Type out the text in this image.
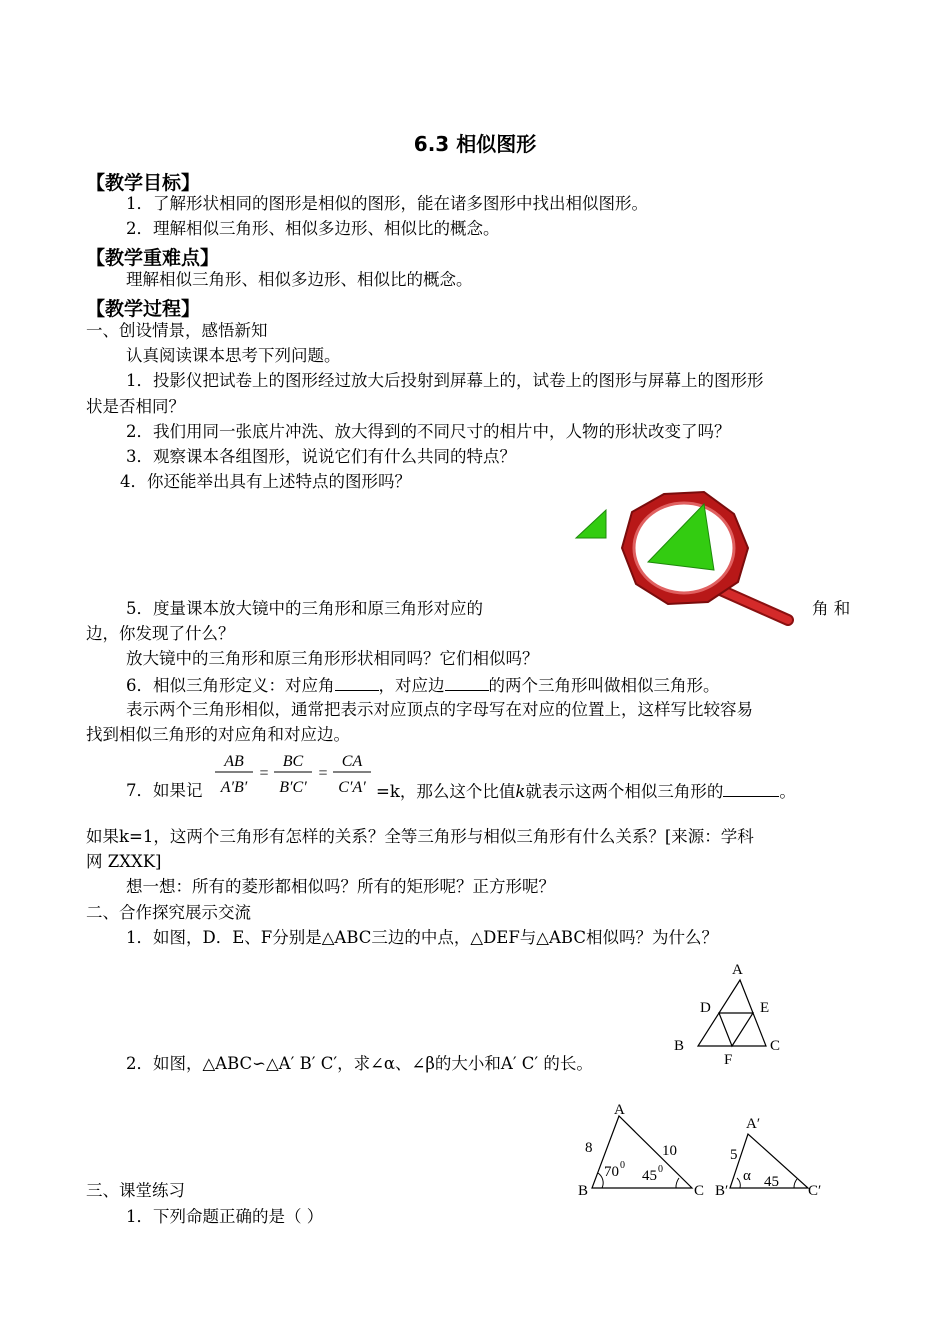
6.3 相似图形
【教学目标】
1．了解形状相同的图形是相似的图形，能在诸多图形中找出相似图形。
2．理解相似三角形、相似多边形、相似比的概念。
【教学重难点】
理解相似三角形、相似多边形、相似比的概念。
【教学过程】
一、创设情景，感悟新知
认真阅读课本思考下列问题。
1．投影仪把试卷上的图形经过放大后投射到屏幕上的，试卷上的图形与屏幕上的图形形
状是否相同？
2．我们用同一张底片冲洗、放大得到的不同尺寸的相片中，人物的形状改变了吗？
3．观察课本各组图形，说说它们有什么共同的特点？
4．你还能举出具有上述特点的图形吗？
5．度量课本放大镜中的三角形和原三角形对应的	角 和
边，你发现了什么？
放大镜中的三角形和原三角形形状相同吗？它们相似吗？
6．相似三角形定义：对应角	，对应边	的两个三角形叫做相似三角形。
表示两个三角形相似，通常把表示对应顶点的字母写在对应的位置上，这样写比较容易
找到相似三角形的对应角和对应边。
7．如果记
AB
A′B′
=
BC
B′C′
=
CA
C′A′ =k，那么这个比值k就表示这两个相似三角形的	。
如果k=1，这两个三角形有怎样的关系？全等三角形与相似三角形有什么关系？[来源：学科
网 ZXXK]
想一想：所有的菱形都相似吗？所有的矩形呢？正方形呢？
二、合作探究展示交流
1．如图，D．E、F分别是△ABC三边的中点，△DEF与△ABC相似吗？为什么？
A
D	E
B	C
F
2．如图，△ABC∽△A′ B′ C′，求∠α、∠β的大小和A′ C′ 的长。
A
B	C
8	10
70 0
45 0
A′
B′	C′
5
α 45
三、课堂练习
1．下列命题正确的是（ ）
